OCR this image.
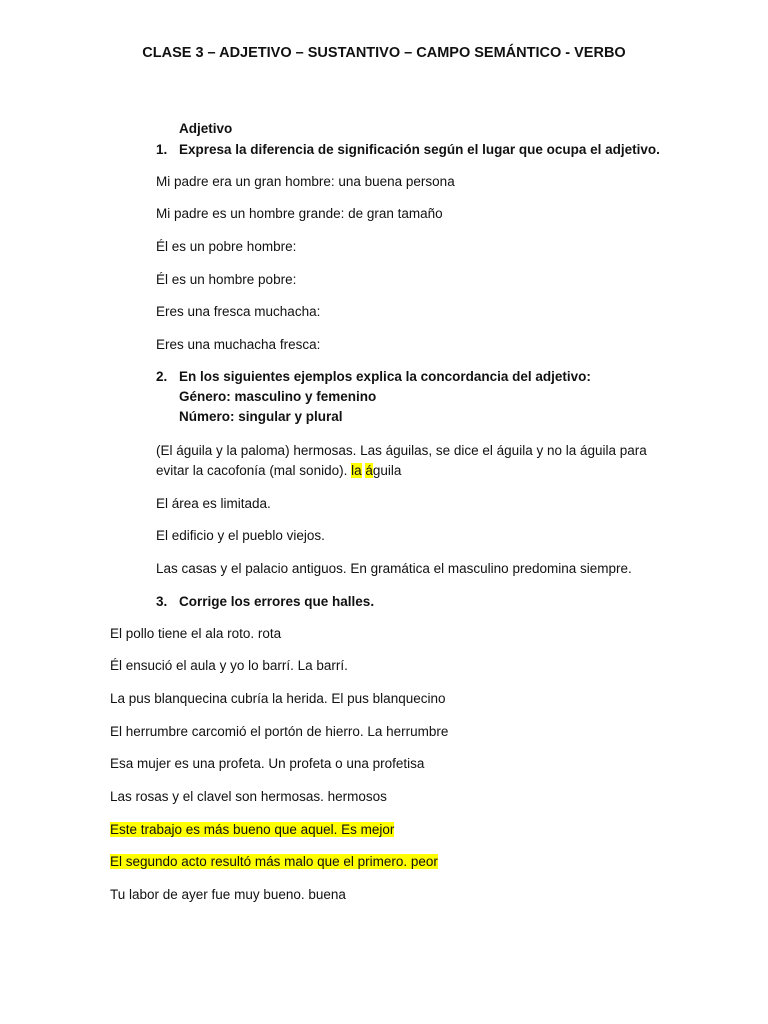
CLASE 3 – ADJETIVO – SUSTANTIVO – CAMPO SEMÁNTICO - VERBO
Adjetivo
1. Expresa la diferencia de significación según el lugar que ocupa el adjetivo.
Mi padre era un gran hombre: una buena persona
Mi padre es un hombre grande: de gran tamaño
Él es un pobre hombre:
Él es un hombre pobre:
Eres una fresca muchacha:
Eres una muchacha fresca:
2. En los siguientes ejemplos explica la concordancia del adjetivo:
Género: masculino y femenino
Número: singular y plural
(El águila y la paloma) hermosas. Las águilas, se dice el águila y no la águila para
evitar la cacofonía (mal sonido). la águila
El área es limitada.
El edificio y el pueblo viejos.
Las casas y el palacio antiguos. En gramática el masculino predomina siempre.
3. Corrige los errores que halles.
El pollo tiene el ala roto. rota
Él ensució el aula y yo lo barrí. La barrí.
La pus blanquecina cubría la herida. El pus blanquecino
El herrumbre carcomió el portón de hierro. La herrumbre
Esa mujer es una profeta. Un profeta o una profetisa
Las rosas y el clavel son hermosas. hermosos
Este trabajo es más bueno que aquel. Es mejor
El segundo acto resultó más malo que el primero. peor
Tu labor de ayer fue muy bueno. buena
